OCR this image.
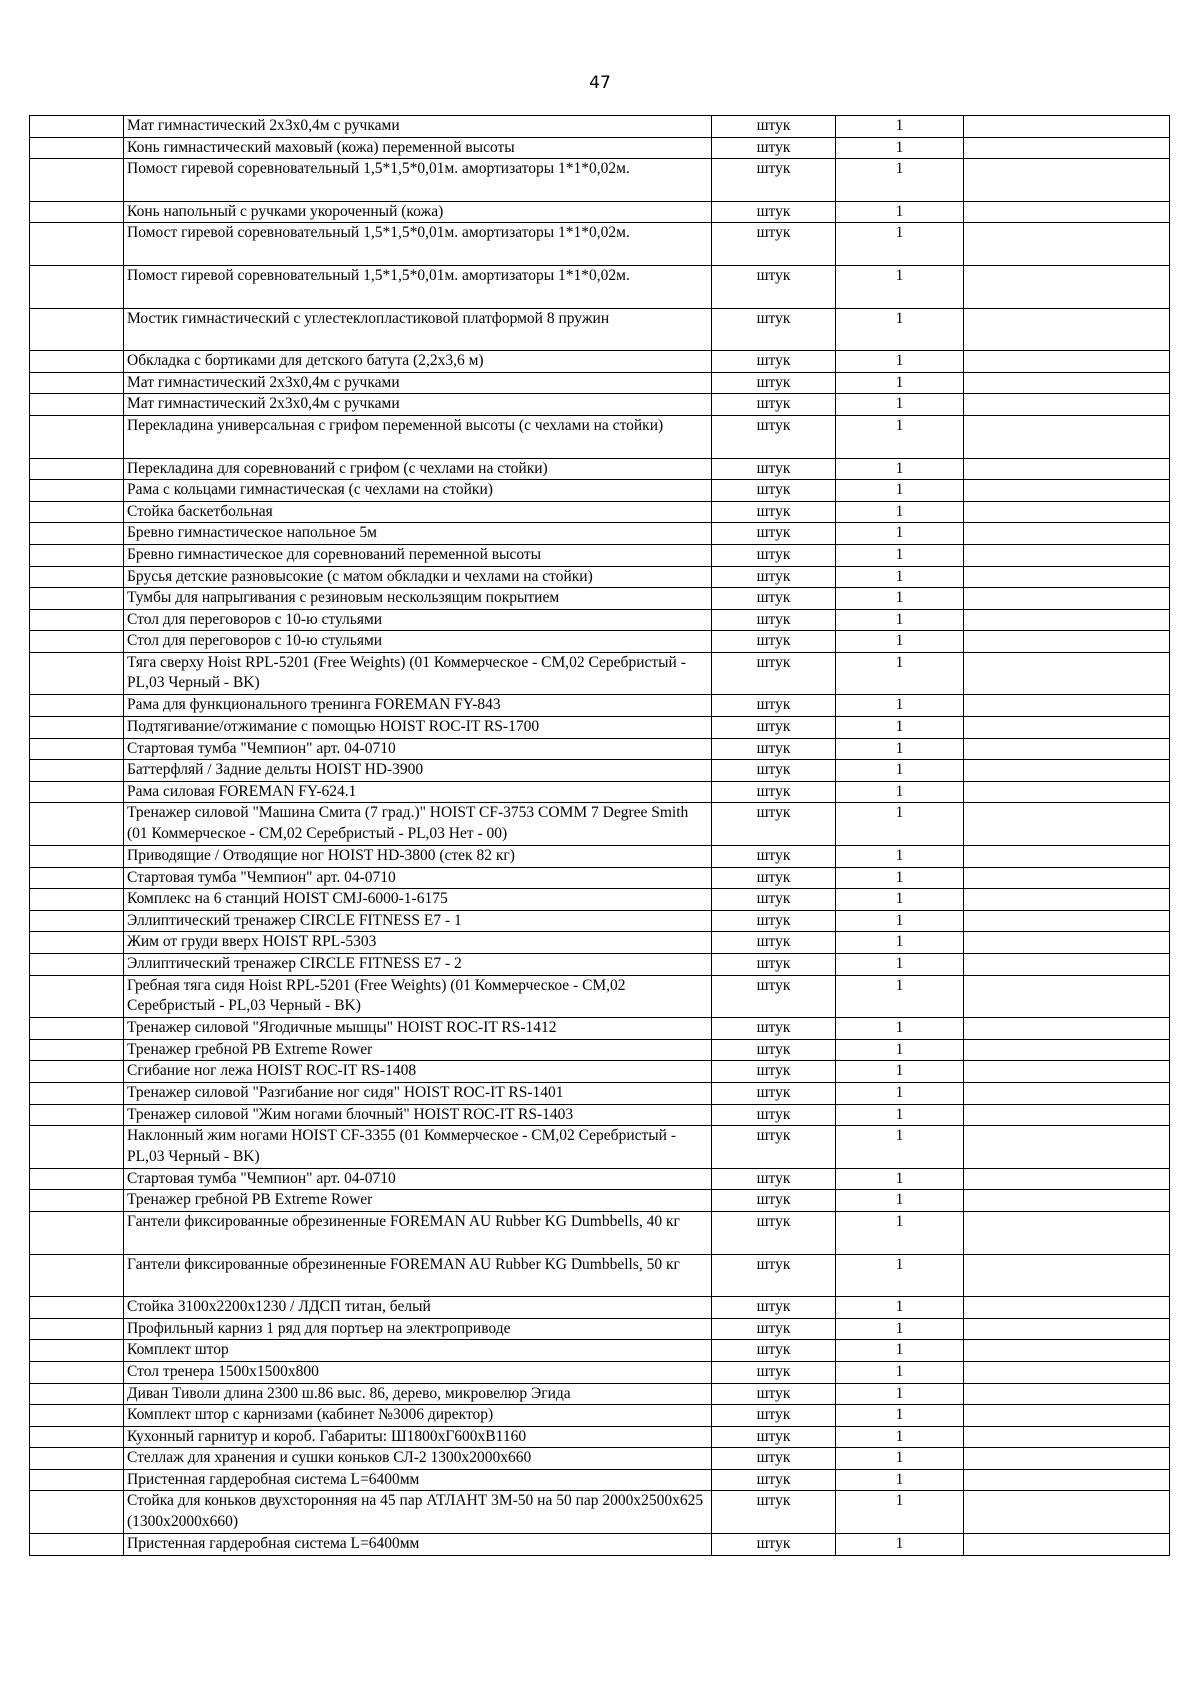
47
	Мат гимнастический 2х3х0,4м с ручками	штук	1	
	Конь гимнастический маховый (кожа) переменной высоты	штук	1	
	Помост гиревой соревновательный 1,5*1,5*0,01м. амортизаторы 1*1*0,02м.	штук	1	
	Конь напольный с ручками укороченный (кожа)	штук	1	
	Помост гиревой соревновательный 1,5*1,5*0,01м. амортизаторы 1*1*0,02м.	штук	1	
	Помост гиревой соревновательный 1,5*1,5*0,01м. амортизаторы 1*1*0,02м.	штук	1	
	Мостик гимнастический с углестеклопластиковой платформой 8 пружин	штук	1	
	Обкладка с бортиками для детского батута (2,2х3,6 м)	штук	1	
	Мат гимнастический 2х3х0,4м с ручками	штук	1	
	Мат гимнастический 2х3х0,4м с ручками	штук	1	
	Перекладина универсальная с грифом переменной высоты (с чехлами на стойки)	штук	1	
	Перекладина для соревнований с грифом (с чехлами на стойки)	штук	1	
	Рама с кольцами гимнастическая (с чехлами на стойки)	штук	1	
	Стойка баскетбольная	штук	1	
	Бревно гимнастическое напольное 5м	штук	1	
	Бревно гимнастическое для соревнований переменной высоты	штук	1	
	Брусья детские разновысокие (с матом обкладки и чехлами на стойки)	штук	1	
	Тумбы для напрыгивания с резиновым нескользящим покрытием	штук	1	
	Стол для переговоров с 10-ю стульями	штук	1	
	Стол для переговоров с 10-ю стульями	штук	1	
	Тяга сверху Hoist RPL-5201 (Free Weights) (01 Коммерческое - CM,02 Серебристый - PL,03 Черный - BK)	штук	1	
	Рама для функционального тренинга FOREMAN FY-843	штук	1	
	Подтягивание/отжимание с помощью HOIST ROC-IT RS-1700	штук	1	
	Стартовая тумба "Чемпион" арт. 04-0710	штук	1	
	Баттерфляй / Задние дельты HOIST HD-3900	штук	1	
	Рама силовая FOREMAN FY-624.1	штук	1	
	Тренажер силовой "Машина Смита (7 град.)" HOIST CF-3753 COMM 7 Degree Smith (01 Коммерческое - CM,02 Серебристый - PL,03 Нет - 00)	штук	1	
	Приводящие / Отводящие ног HOIST HD-3800 (стек 82 кг)	штук	1	
	Стартовая тумба "Чемпион" арт. 04-0710	штук	1	
	Комплекс на 6 станций HOIST CMJ-6000-1-6175	штук	1	
	Эллиптический тренажер CIRCLE FITNESS E7 - 1	штук	1	
	Жим от груди вверх HOIST RPL-5303	штук	1	
	Эллиптический тренажер CIRCLE FITNESS E7 - 2	штук	1	
	Гребная тяга сидя Hoist RPL-5201 (Free Weights) (01 Коммерческое - CM,02 Серебристый - PL,03 Черный - BK)	штук	1	
	Тренажер силовой "Ягодичные мышцы" HOIST ROC-IT RS-1412	штук	1	
	Тренажер гребной PB Extreme Rower	штук	1	
	Сгибание ног лежа HOIST ROC-IT RS-1408	штук	1	
	Тренажер силовой "Разгибание ног сидя" HOIST ROC-IT RS-1401	штук	1	
	Тренажер силовой "Жим ногами блочный" HOIST ROC-IT RS-1403	штук	1	
	Наклонный жим ногами HOIST CF-3355 (01 Коммерческое - CM,02 Серебристый - PL,03 Черный - BK)	штук	1	
	Стартовая тумба "Чемпион" арт. 04-0710	штук	1	
	Тренажер гребной PB Extreme Rower	штук	1	
	Гантели фиксированные обрезиненные FOREMAN AU Rubber KG Dumbbells, 40 кг	штук	1	
	Гантели фиксированные обрезиненные FOREMAN AU Rubber KG Dumbbells, 50 кг	штук	1	
	Стойка 3100х2200х1230 / ЛДСП титан, белый	штук	1	
	Профильный карниз 1 ряд для портьер на электроприводе	штук	1	
	Комплект штор	штук	1	
	Стол тренера 1500х1500х800	штук	1	
	Диван Тиволи длина 2300 ш.86 выс. 86, дерево, микровелюр Эгида	штук	1	
	Комплект штор с карнизами (кабинет №3006 директор)	штук	1	
	Кухонный гарнитур и короб. Габариты: Ш1800хГ600хВ1160	штук	1	
	Стеллаж для хранения и сушки коньков СЛ-2 1300х2000х660	штук	1	
	Пристенная гардеробная система L=6400мм	штук	1	
	Стойка для коньков двухсторонняя на 45 пар АТЛАНТ 3М-50 на 50 пар 2000х2500х625 (1300х2000х660)	штук	1	
	Пристенная гардеробная система L=6400мм	штук	1	
